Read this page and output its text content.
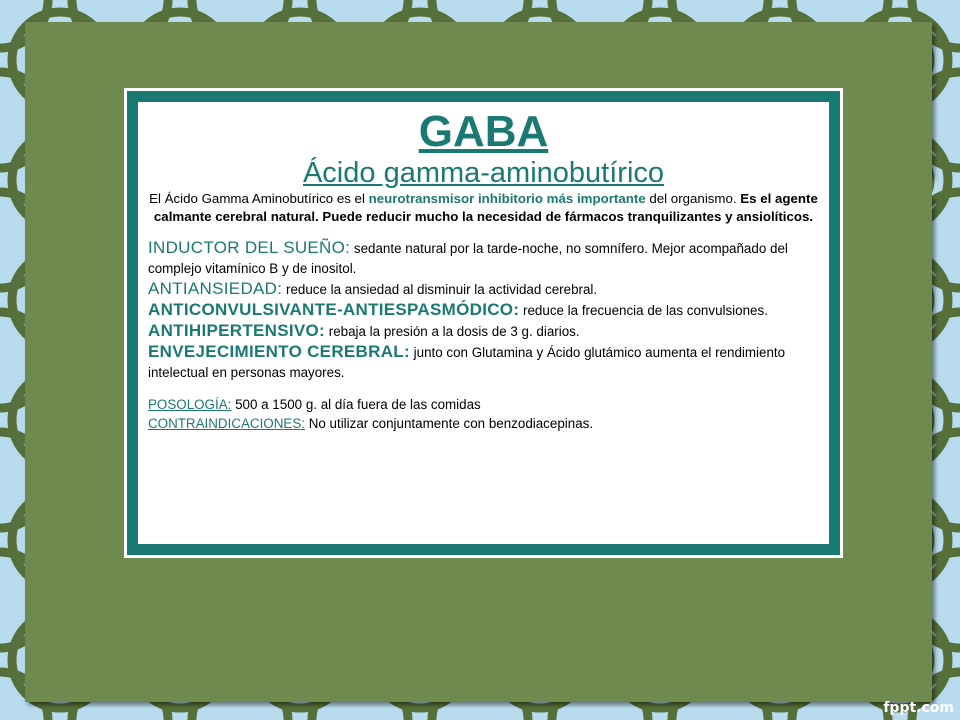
GABA

Ácido gamma-aminobutírico

El Ácido Gamma Aminobutírico es el neurotransmisor inhibitorio más importante del organismo. Es el agente calmante cerebral natural. Puede reducir mucho la necesidad de fármacos tranquilizantes y ansiolíticos.

INDUCTOR DEL SUEÑO: sedante natural por la tarde-noche, no somnífero. Mejor acompañado del complejo vitamínico B y de inositol.

ANTIANSIEDAD: reduce la ansiedad al disminuir la actividad cerebral.

ANTICONVULSIVANTE-ANTIESPASMÓDICO: reduce la frecuencia de las convulsiones.

ANTIHIPERTENSIVO: rebaja la presión a la dosis de 3 g. diarios.

ENVEJECIMIENTO CEREBRAL: junto con Glutamina y Ácido glutámico aumenta el rendimiento intelectual en personas mayores.

POSOLOGÍA: 500 a 1500 g. al día fuera de las comidas

CONTRAINDICACIONES: No utilizar conjuntamente con benzodiacepinas.

fppt.com
